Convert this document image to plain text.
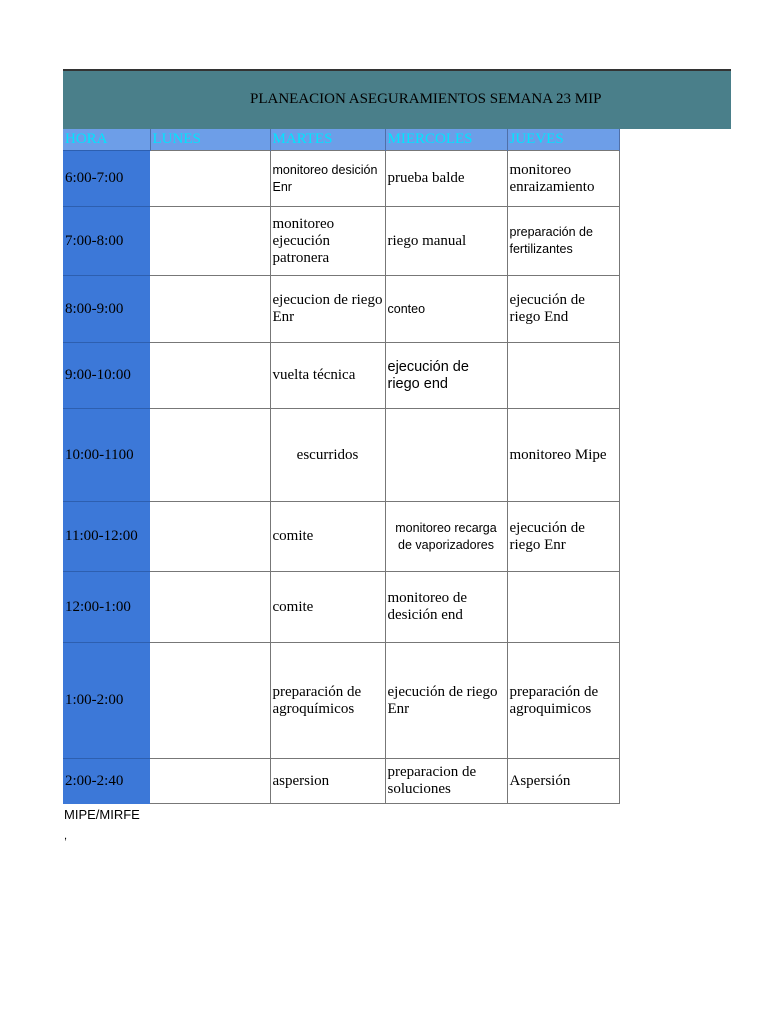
PLANEACION ASEGURAMIENTOS SEMANA 23 MIP
HORA	LUNES	MARTES	MIERCOLES	JUEVES
6:00-7:00		monitoreo desición Enr	prueba balde	monitoreo enraizamiento
7:00-8:00		monitoreo ejecución patronera	riego manual	preparación de fertilizantes
8:00-9:00		ejecucion de riego Enr	conteo	ejecución de riego End
9:00-10:00		vuelta técnica	ejecución de riego end	
10:00-1100		escurridos		monitoreo Mipe
11:00-12:00		comite	monitoreo recarga de vaporizadores	ejecución de riego Enr
12:00-1:00		comite	monitoreo de desición end	
1:00-2:00		preparación de agroquímicos	ejecución de riego Enr	preparación de agroquimicos
2:00-2:40		aspersion	preparacion de soluciones	Aspersión
MIPE/MIRFE
,
